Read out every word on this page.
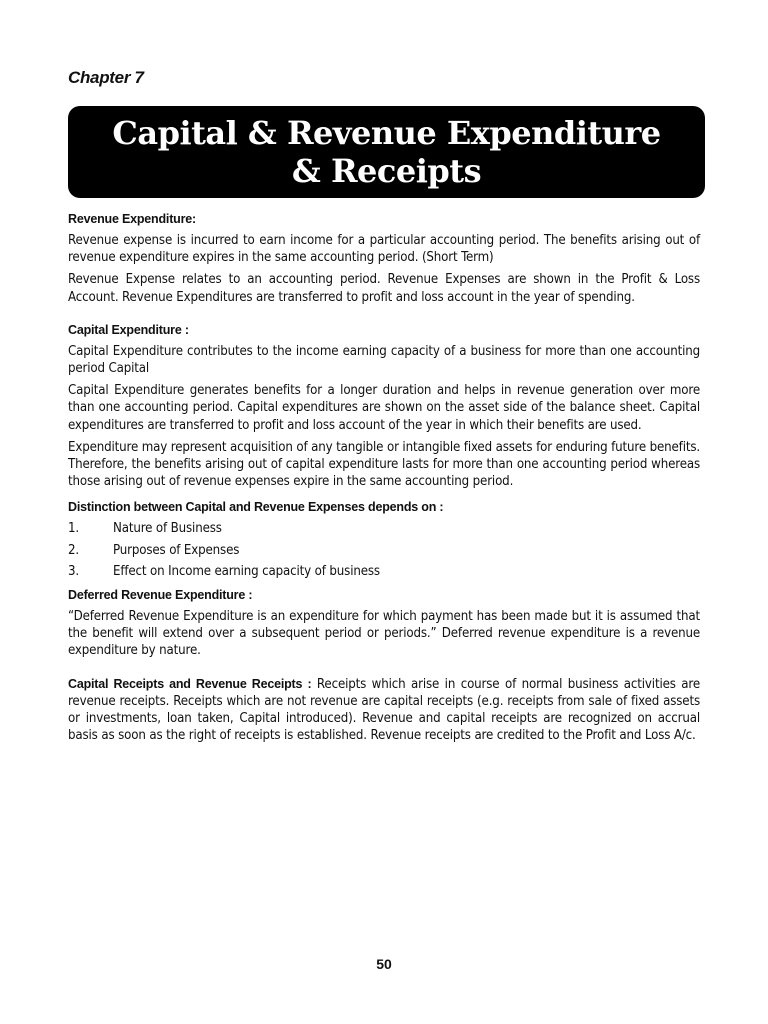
Chapter 7
Capital & Revenue Expenditure
& Receipts
Revenue Expenditure:

Revenue expense is incurred to earn income for a particular accounting period. The benefits arising out of revenue expenditure expires in the same accounting period. (Short Term)

Revenue Expense relates to an accounting period. Revenue Expenses are shown in the Profit & Loss Account. Revenue Expenditures are transferred to profit and loss account in the year of spending.

Capital Expenditure :

Capital Expenditure contributes to the income earning capacity of a business for more than one accounting period Capital

Capital Expenditure generates benefits for a longer duration and helps in revenue generation over more than one accounting period. Capital expenditures are shown on the asset side of the balance sheet. Capital expenditures are transferred to profit and loss account of the year in which their benefits are used.

Expenditure may represent acquisition of any tangible or intangible fixed assets for enduring future benefits. Therefore, the benefits arising out of capital expenditure lasts for more than one accounting period whereas those arising out of revenue expenses expire in the same accounting period.

Distinction between Capital and Revenue Expenses depends on :
1.	Nature of Business
2.	Purposes of Expenses
3.	Effect on Income earning capacity of business
Deferred Revenue Expenditure :

“Deferred Revenue Expenditure is an expenditure for which payment has been made but it is assumed that the benefit will extend over a subsequent period or periods.” Deferred revenue expenditure is a revenue expenditure by nature.

Capital Receipts and Revenue Receipts : Receipts which arise in course of normal business activities are revenue receipts. Receipts which are not revenue are capital receipts (e.g. receipts from sale of fixed assets or investments, loan taken, Capital introduced). Revenue and capital receipts are recognized on accrual basis as soon as the right of receipts is established. Revenue receipts are credited to the Profit and Loss A/c.

50
